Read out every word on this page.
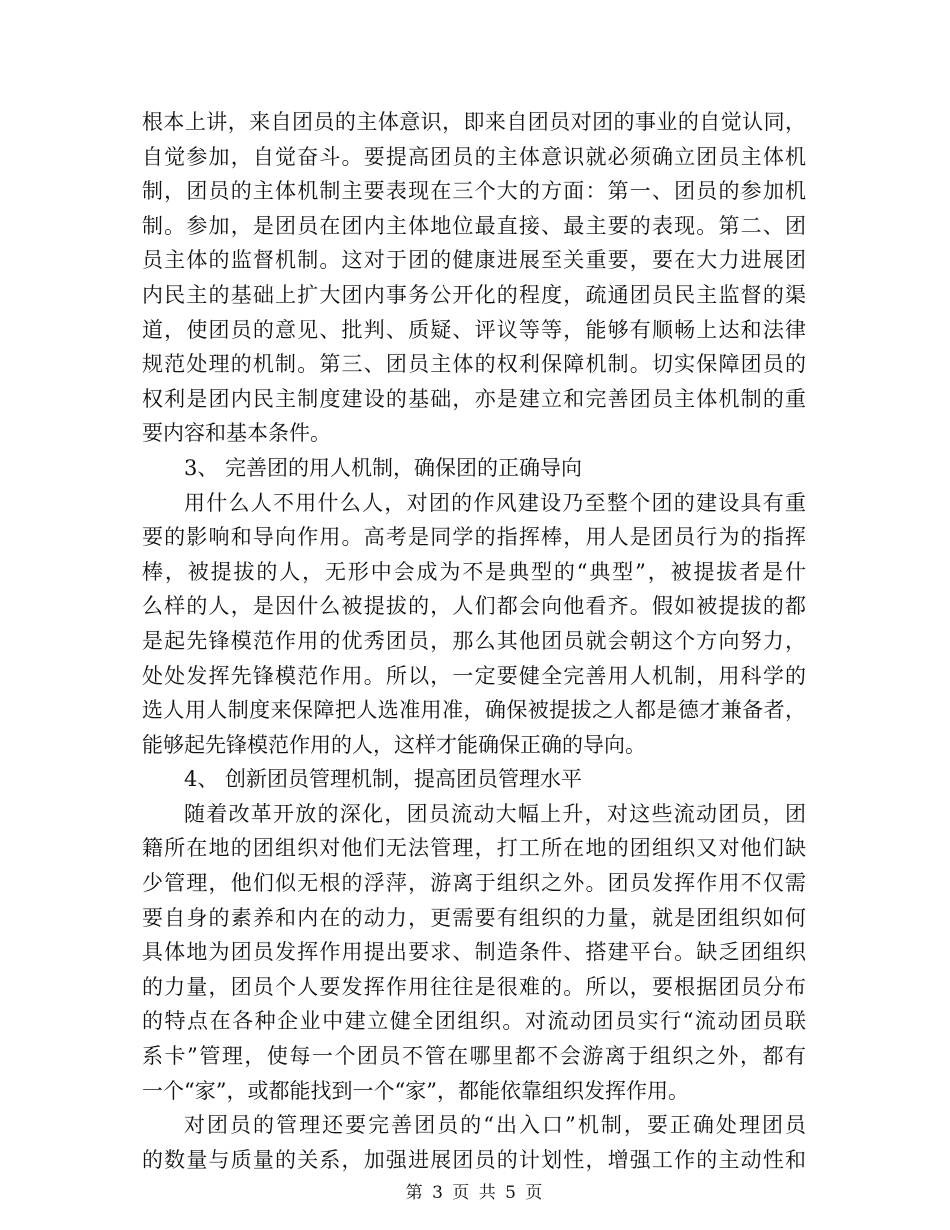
根本上讲，来自团员的主体意识，即来自团员对团的事业的自觉认同，
自觉参加，自觉奋斗。要提高团员的主体意识就必须确立团员主体机
制，团员的主体机制主要表现在三个大的方面：第一、团员的参加机
制。参加，是团员在团内主体地位最直接、最主要的表现。第二、团
员主体的监督机制。这对于团的健康进展至关重要，要在大力进展团
内民主的基础上扩大团内事务公开化的程度，疏通团员民主监督的渠
道，使团员的意见、批判、质疑、评议等等，能够有顺畅上达和法律
规范处理的机制。第三、团员主体的权利保障机制。切实保障团员的
权利是团内民主制度建设的基础，亦是建立和完善团员主体机制的重
要内容和基本条件。
3、 完善团的用人机制，确保团的正确导向
用什么人不用什么人，对团的作风建设乃至整个团的建设具有重
要的影响和导向作用。高考是同学的指挥棒，用人是团员行为的指挥
棒，被提拔的人，无形中会成为不是典型的“典型”，被提拔者是什
么样的人，是因什么被提拔的，人们都会向他看齐。假如被提拔的都
是起先锋模范作用的优秀团员，那么其他团员就会朝这个方向努力，
处处发挥先锋模范作用。所以，一定要健全完善用人机制，用科学的
选人用人制度来保障把人选准用准，确保被提拔之人都是德才兼备者，
能够起先锋模范作用的人，这样才能确保正确的导向。
4、 创新团员管理机制，提高团员管理水平
随着改革开放的深化，团员流动大幅上升，对这些流动团员，团
籍所在地的团组织对他们无法管理，打工所在地的团组织又对他们缺
少管理，他们似无根的浮萍，游离于组织之外。团员发挥作用不仅需
要自身的素养和内在的动力，更需要有组织的力量，就是团组织如何
具体地为团员发挥作用提出要求、制造条件、搭建平台。缺乏团组织
的力量，团员个人要发挥作用往往是很难的。所以，要根据团员分布
的特点在各种企业中建立健全团组织。对流动团员实行“流动团员联
系卡”管理，使每一个团员不管在哪里都不会游离于组织之外，都有
一个“家”，或都能找到一个“家”，都能依靠组织发挥作用。
对团员的管理还要完善团员的“出入口”机制，要正确处理团员
的数量与质量的关系，加强进展团员的计划性，增强工作的主动性和
第 3 页 共 5 页
